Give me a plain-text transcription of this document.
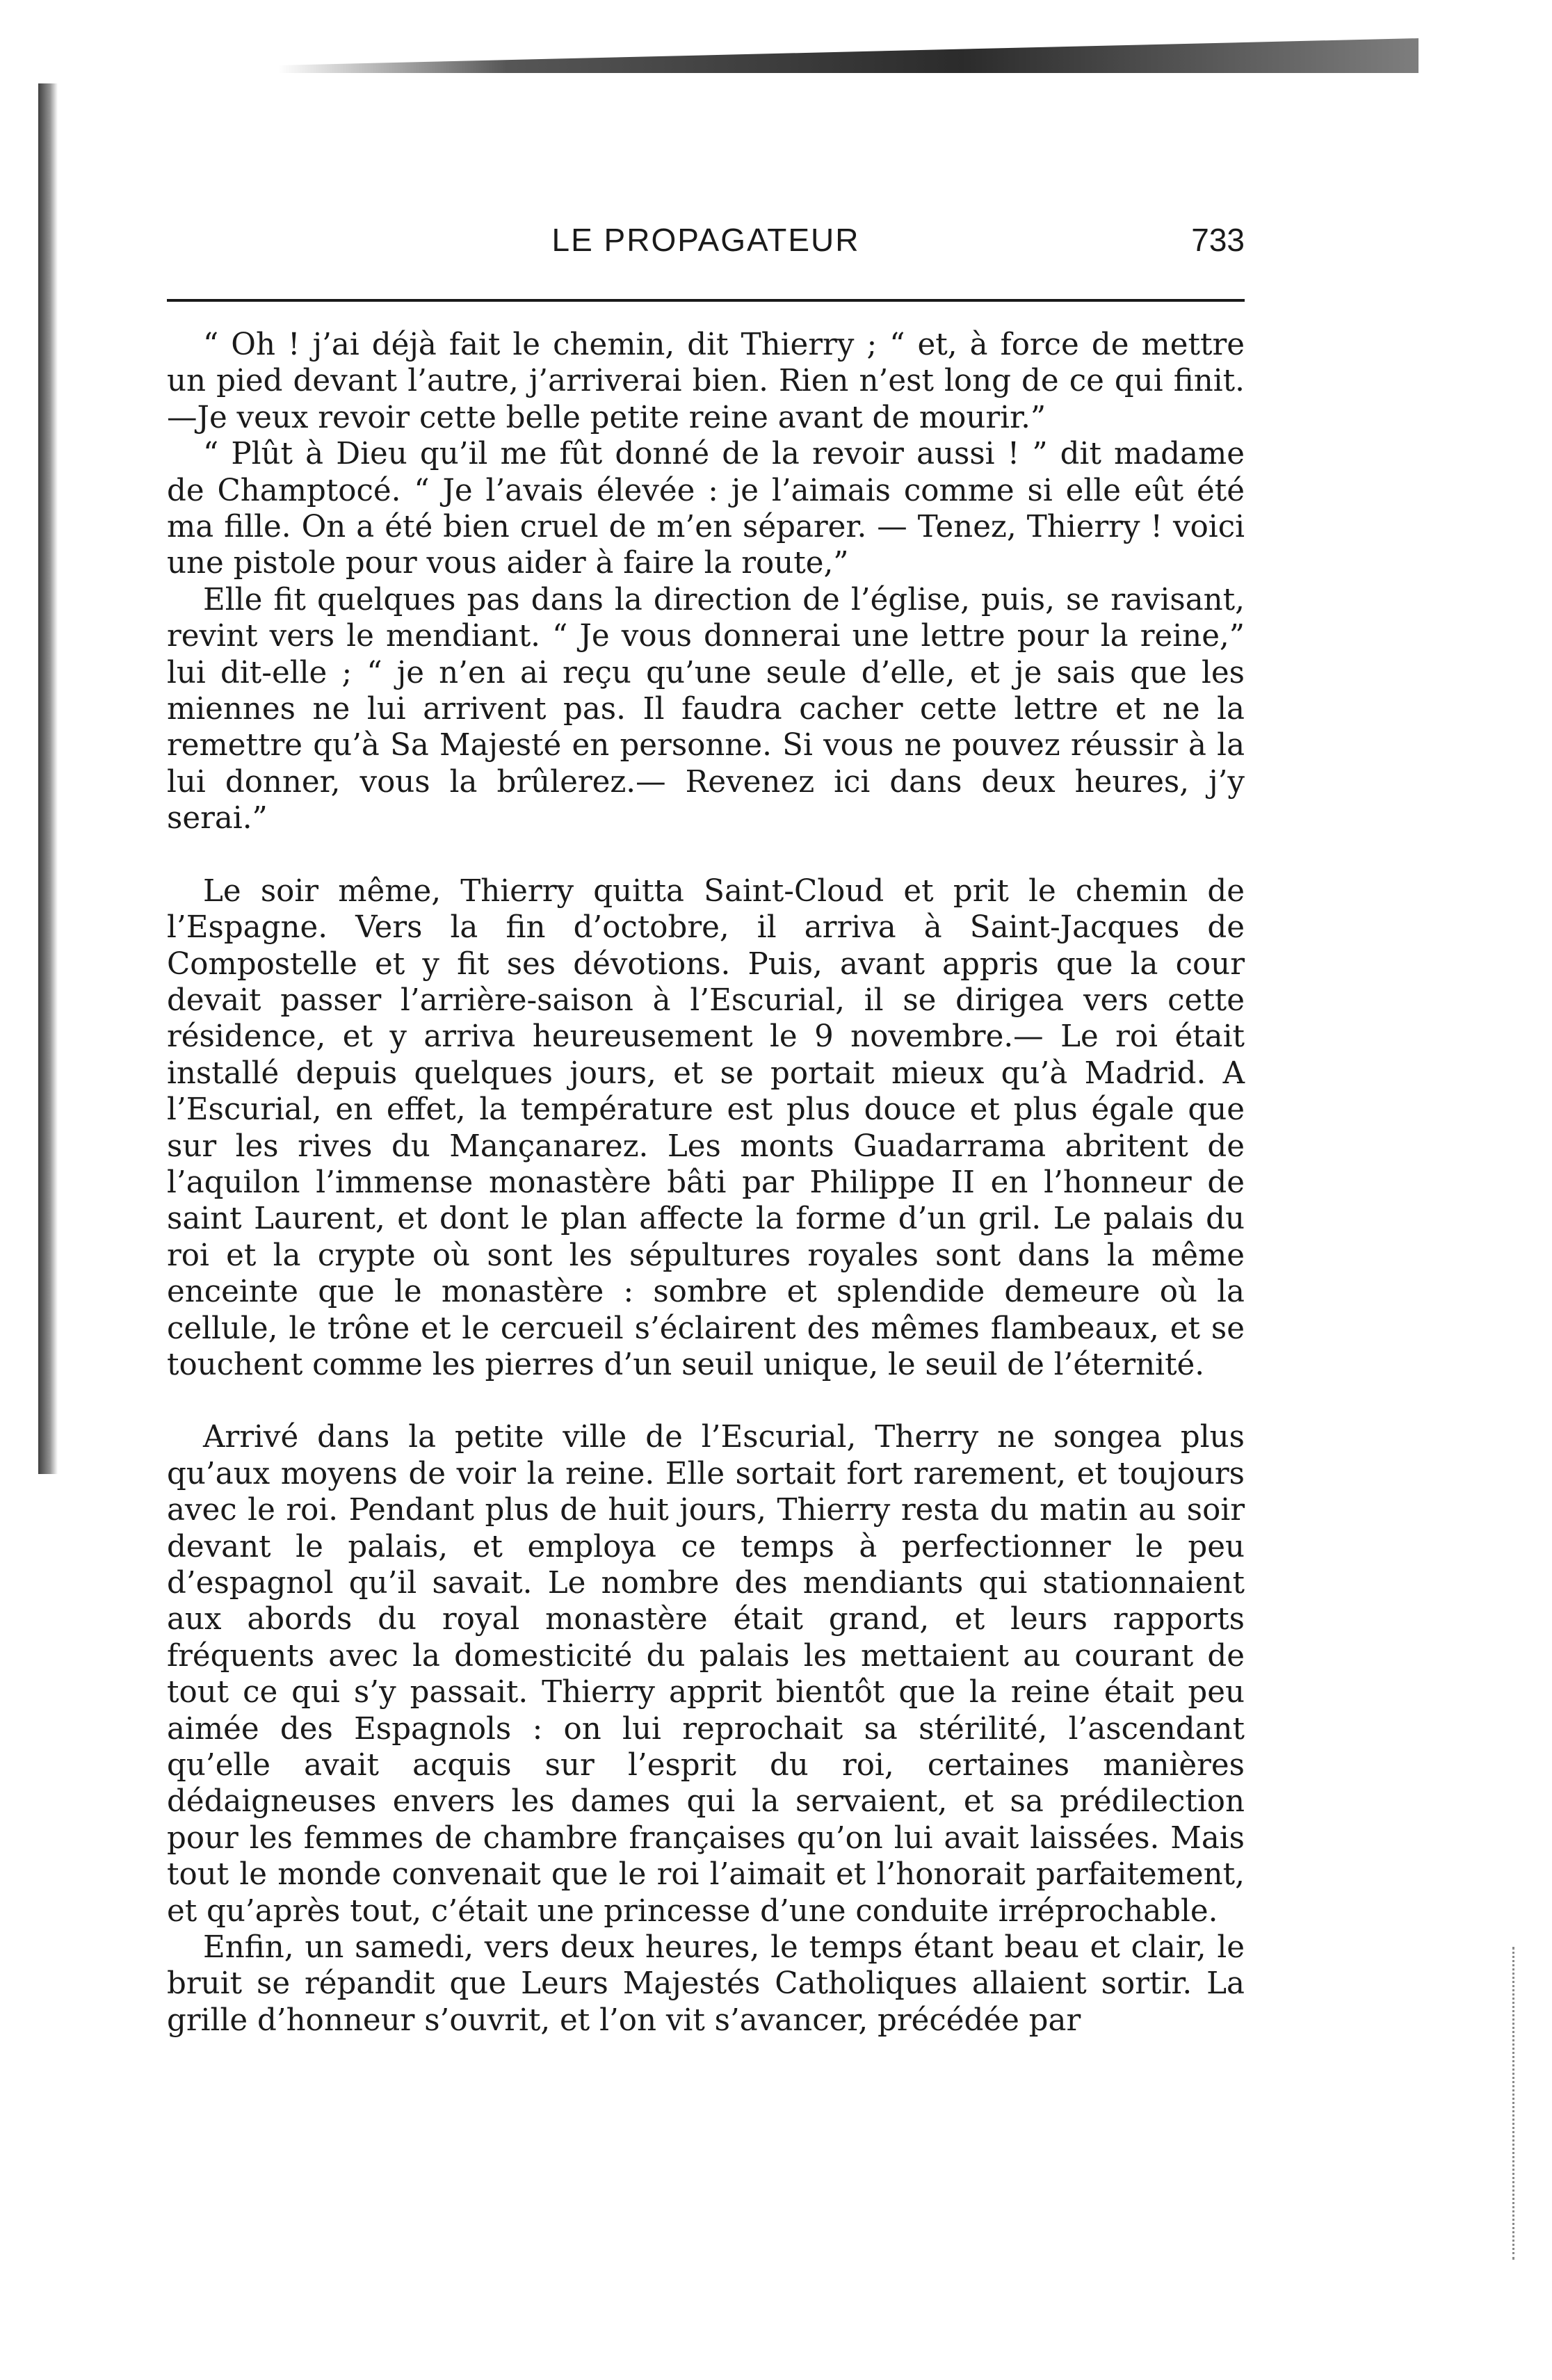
LE PROPAGATEUR	733

“ Oh ! j’ai déjà fait le chemin, dit Thierry ; “ et, à force de mettre un pied devant l’autre, j’arriverai bien. Rien n’est long de ce qui finit.—Je veux revoir cette belle petite reine avant de mourir.”

“ Plût à Dieu qu’il me fût donné de la revoir aussi ! ” dit madame de Champtocé. “ Je l’avais élevée : je l’aimais comme si elle eût été ma fille. On a été bien cruel de m’en séparer. — Tenez, Thierry ! voici une pistole pour vous aider à faire la route,”

Elle fit quelques pas dans la direction de l’église, puis, se ravisant, revint vers le mendiant. “ Je vous donnerai une lettre pour la reine,” lui dit-elle ; “ je n’en ai reçu qu’une seule d’elle, et je sais que les miennes ne lui arrivent pas. Il faudra cacher cette lettre et ne la remettre qu’à Sa Majesté en personne. Si vous ne pouvez réussir à la lui donner, vous la brûlerez.— Revenez ici dans deux heures, j’y serai.”

Le soir même, Thierry quitta Saint-Cloud et prit le chemin de l’Espagne. Vers la fin d’octobre, il arriva à Saint-Jacques de Compostelle et y fit ses dévotions. Puis, avant appris que la cour devait passer l’arrière-saison à l’Escurial, il se dirigea vers cette résidence, et y arriva heureusement le 9 novembre.— Le roi était installé depuis quelques jours, et se portait mieux qu’à Madrid. A l’Escurial, en effet, la température est plus douce et plus égale que sur les rives du Mançanarez. Les monts Guadarrama abritent de l’aquilon l’immense monastère bâti par Philippe II en l’honneur de saint Laurent, et dont le plan affecte la forme d’un gril. Le palais du roi et la crypte où sont les sépultures royales sont dans la même enceinte que le monastère : sombre et splendide demeure où la cellule, le trône et le cercueil s’éclairent des mêmes flambeaux, et se touchent comme les pierres d’un seuil unique, le seuil de l’éternité.

Arrivé dans la petite ville de l’Escurial, Therry ne songea plus qu’aux moyens de voir la reine. Elle sortait fort rarement, et toujours avec le roi. Pendant plus de huit jours, Thierry resta du matin au soir devant le palais, et employa ce temps à perfectionner le peu d’espagnol qu’il savait. Le nombre des mendiants qui stationnaient aux abords du royal monastère était grand, et leurs rapports fréquents avec la domesticité du palais les mettaient au courant de tout ce qui s’y passait. Thierry apprit bientôt que la reine était peu aimée des Espagnols : on lui reprochait sa stérilité, l’ascendant qu’elle avait acquis sur l’esprit du roi, certaines manières dédaigneuses envers les dames qui la servaient, et sa prédilection pour les femmes de chambre françaises qu’on lui avait laissées. Mais tout le monde convenait que le roi l’aimait et l’honorait parfaitement, et qu’après tout, c’était une princesse d’une conduite irréprochable.

Enfin, un samedi, vers deux heures, le temps étant beau et clair, le bruit se répandit que Leurs Majestés Catholiques allaient sortir. La grille d’honneur s’ouvrit, et l’on vit s’avancer, précédée par
